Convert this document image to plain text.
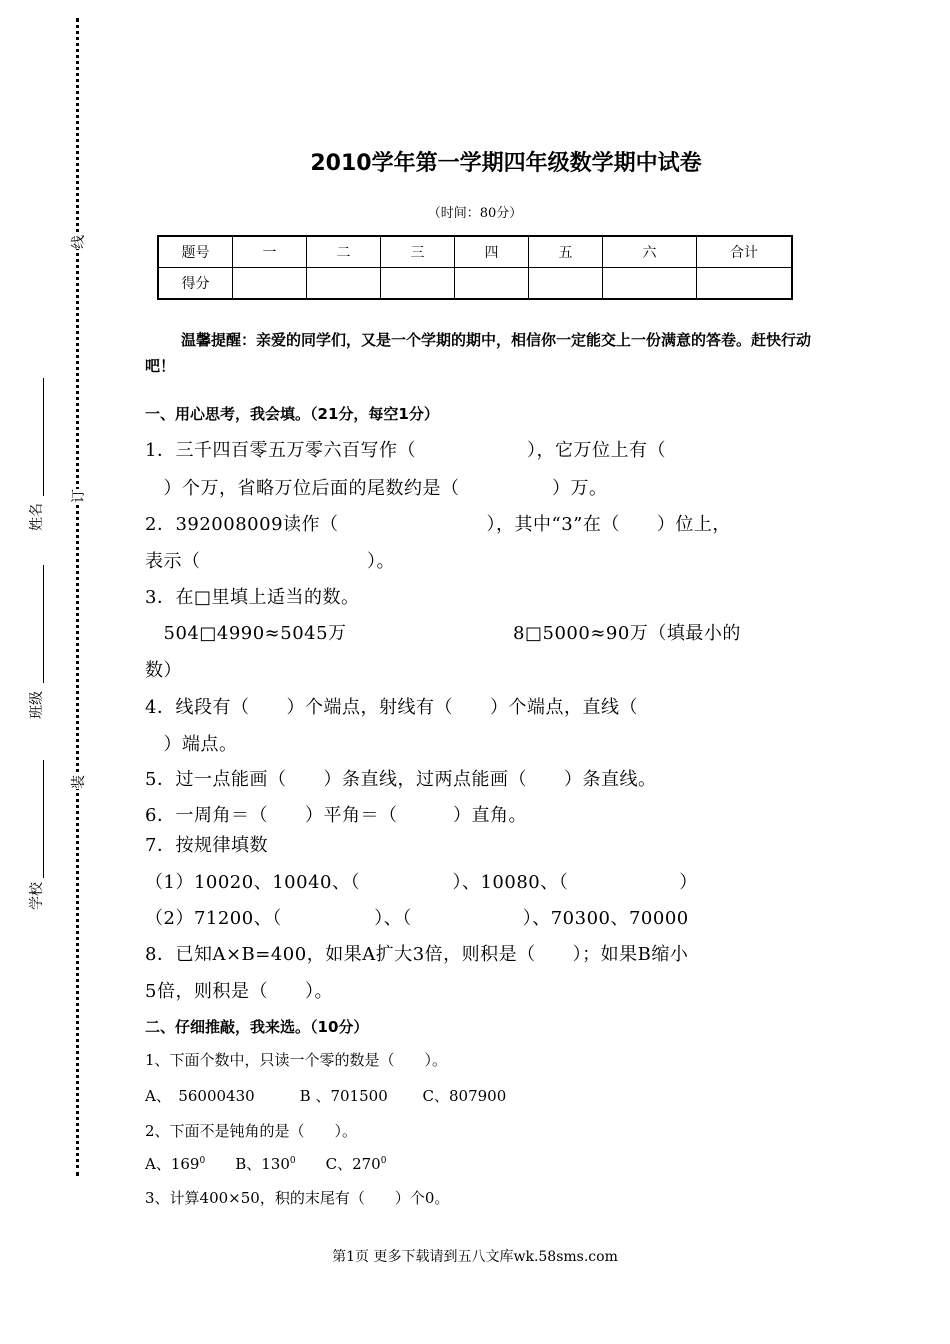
线
订
装
姓名
班级
学校
2010学年第一学期四年级数学期中试卷
（时间：80分）
题号	一	二	三	四	五	六	合计
得分							
温馨提醒：亲爱的同学们，又是一个学期的期中，相信你一定能交上一份满意的答卷。赶快行动吧！
一、用心思考，我会填。（21分，每空1分）
1．三千四百零五万零六百写作（　　　　　　），它万位上有（
　）个万，省略万位后面的尾数约是（　　　　　）万。
2．392008009读作（　　　　　　　　），其中“3”在（　　）位上，
表示（　　　　　　　　　）。
3．在□里填上适当的数。
　504□4990≈5045万　　　　　　　　　8□5000≈90万（填最小的
数）
4．线段有（　　）个端点，射线有（　　）个端点，直线（
　）端点。
5．过一点能画（　　）条直线，过两点能画（　　）条直线。
6．一周角＝（　　）平角＝（　　　）直角。
7．按规律填数
（1）10020、10040、（　　　　　）、10080、（　　　　　　）
（2）71200、（　　　　　）、（　　　　　　）、70300、70000
8．已知A×B=400，如果A扩大3倍，则积是（　　）；如果B缩小
5倍，则积是（　　）。
二、仔细推敲，我来选。（10分）
1、下面个数中，只读一个零的数是（　　）。
A、　56000430　　　B 、701500　　 C、807900
2、下面不是钝角的是（　　）。
A、$169^0$　　B、$130^0$　　C、$270^0$
3、计算400×50，积的末尾有（　　）个0。
第1页 更多下载请到五八文库wk.58sms.com
